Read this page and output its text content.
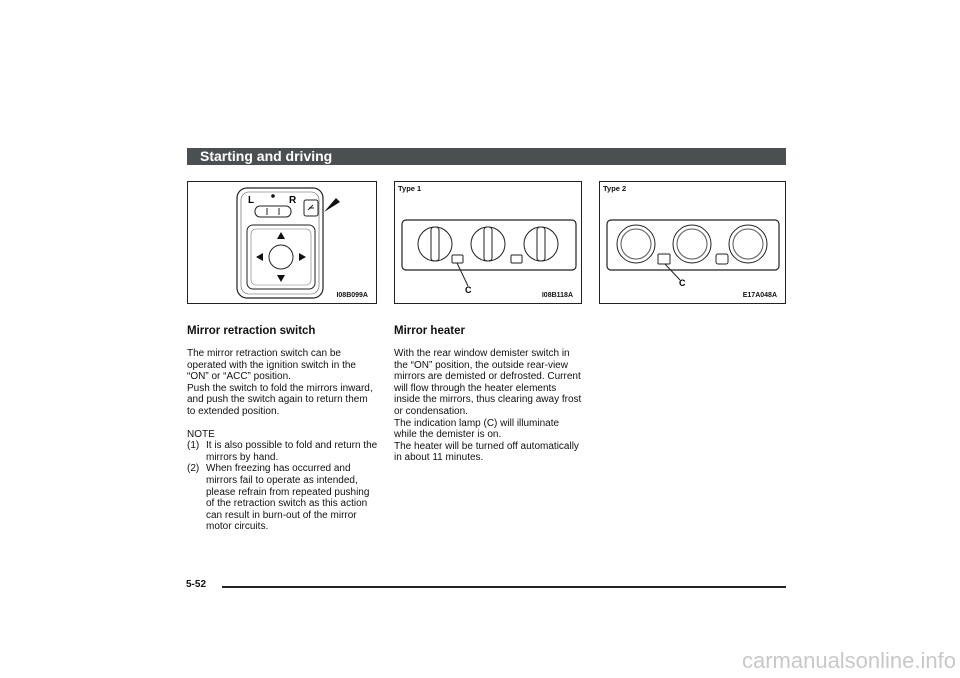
Starting and driving
L	R
I08B099A
Type 1
C
I08B118A
Type 2
C
E17A048A
Mirror retraction switch

The mirror retraction switch can be operated with the ignition switch in the “ON” or “ACC” position.

Push the switch to fold the mirrors inward, and push the switch again to return them to extended position.

NOTE

(1) It is also possible to fold and return the mirrors by hand.
(2) When freezing has occurred and mirrors fail to operate as intended, please refrain from repeated pushing of the retraction switch as this action can result in burn-out of the mirror motor circuits.
Mirror heater

With the rear window demister switch in the “ON” position, the outside rear-view mirrors are demisted or defrosted. Current will flow through the heater elements inside the mirrors, thus clearing away frost or condensation.

The indication lamp (C) will illuminate while the demister is on.

The heater will be turned off automatically in about 11 minutes.

5-52
carmanualsonline.info
